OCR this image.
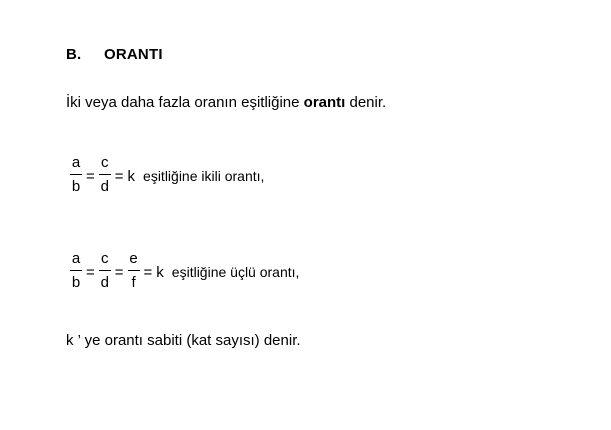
B. ORANTI
İki veya daha fazla oranın eşitliğine orantı denir.
$\frac{a}{b} = \frac{c}{d} = k$ eşitliğine ikili orantı,
$\frac{a}{b} = \frac{c}{d} = \frac{e}{f} = k$ eşitliğine üçlü orantı,
k ’ ye orantı sabiti (kat sayısı) denir.
